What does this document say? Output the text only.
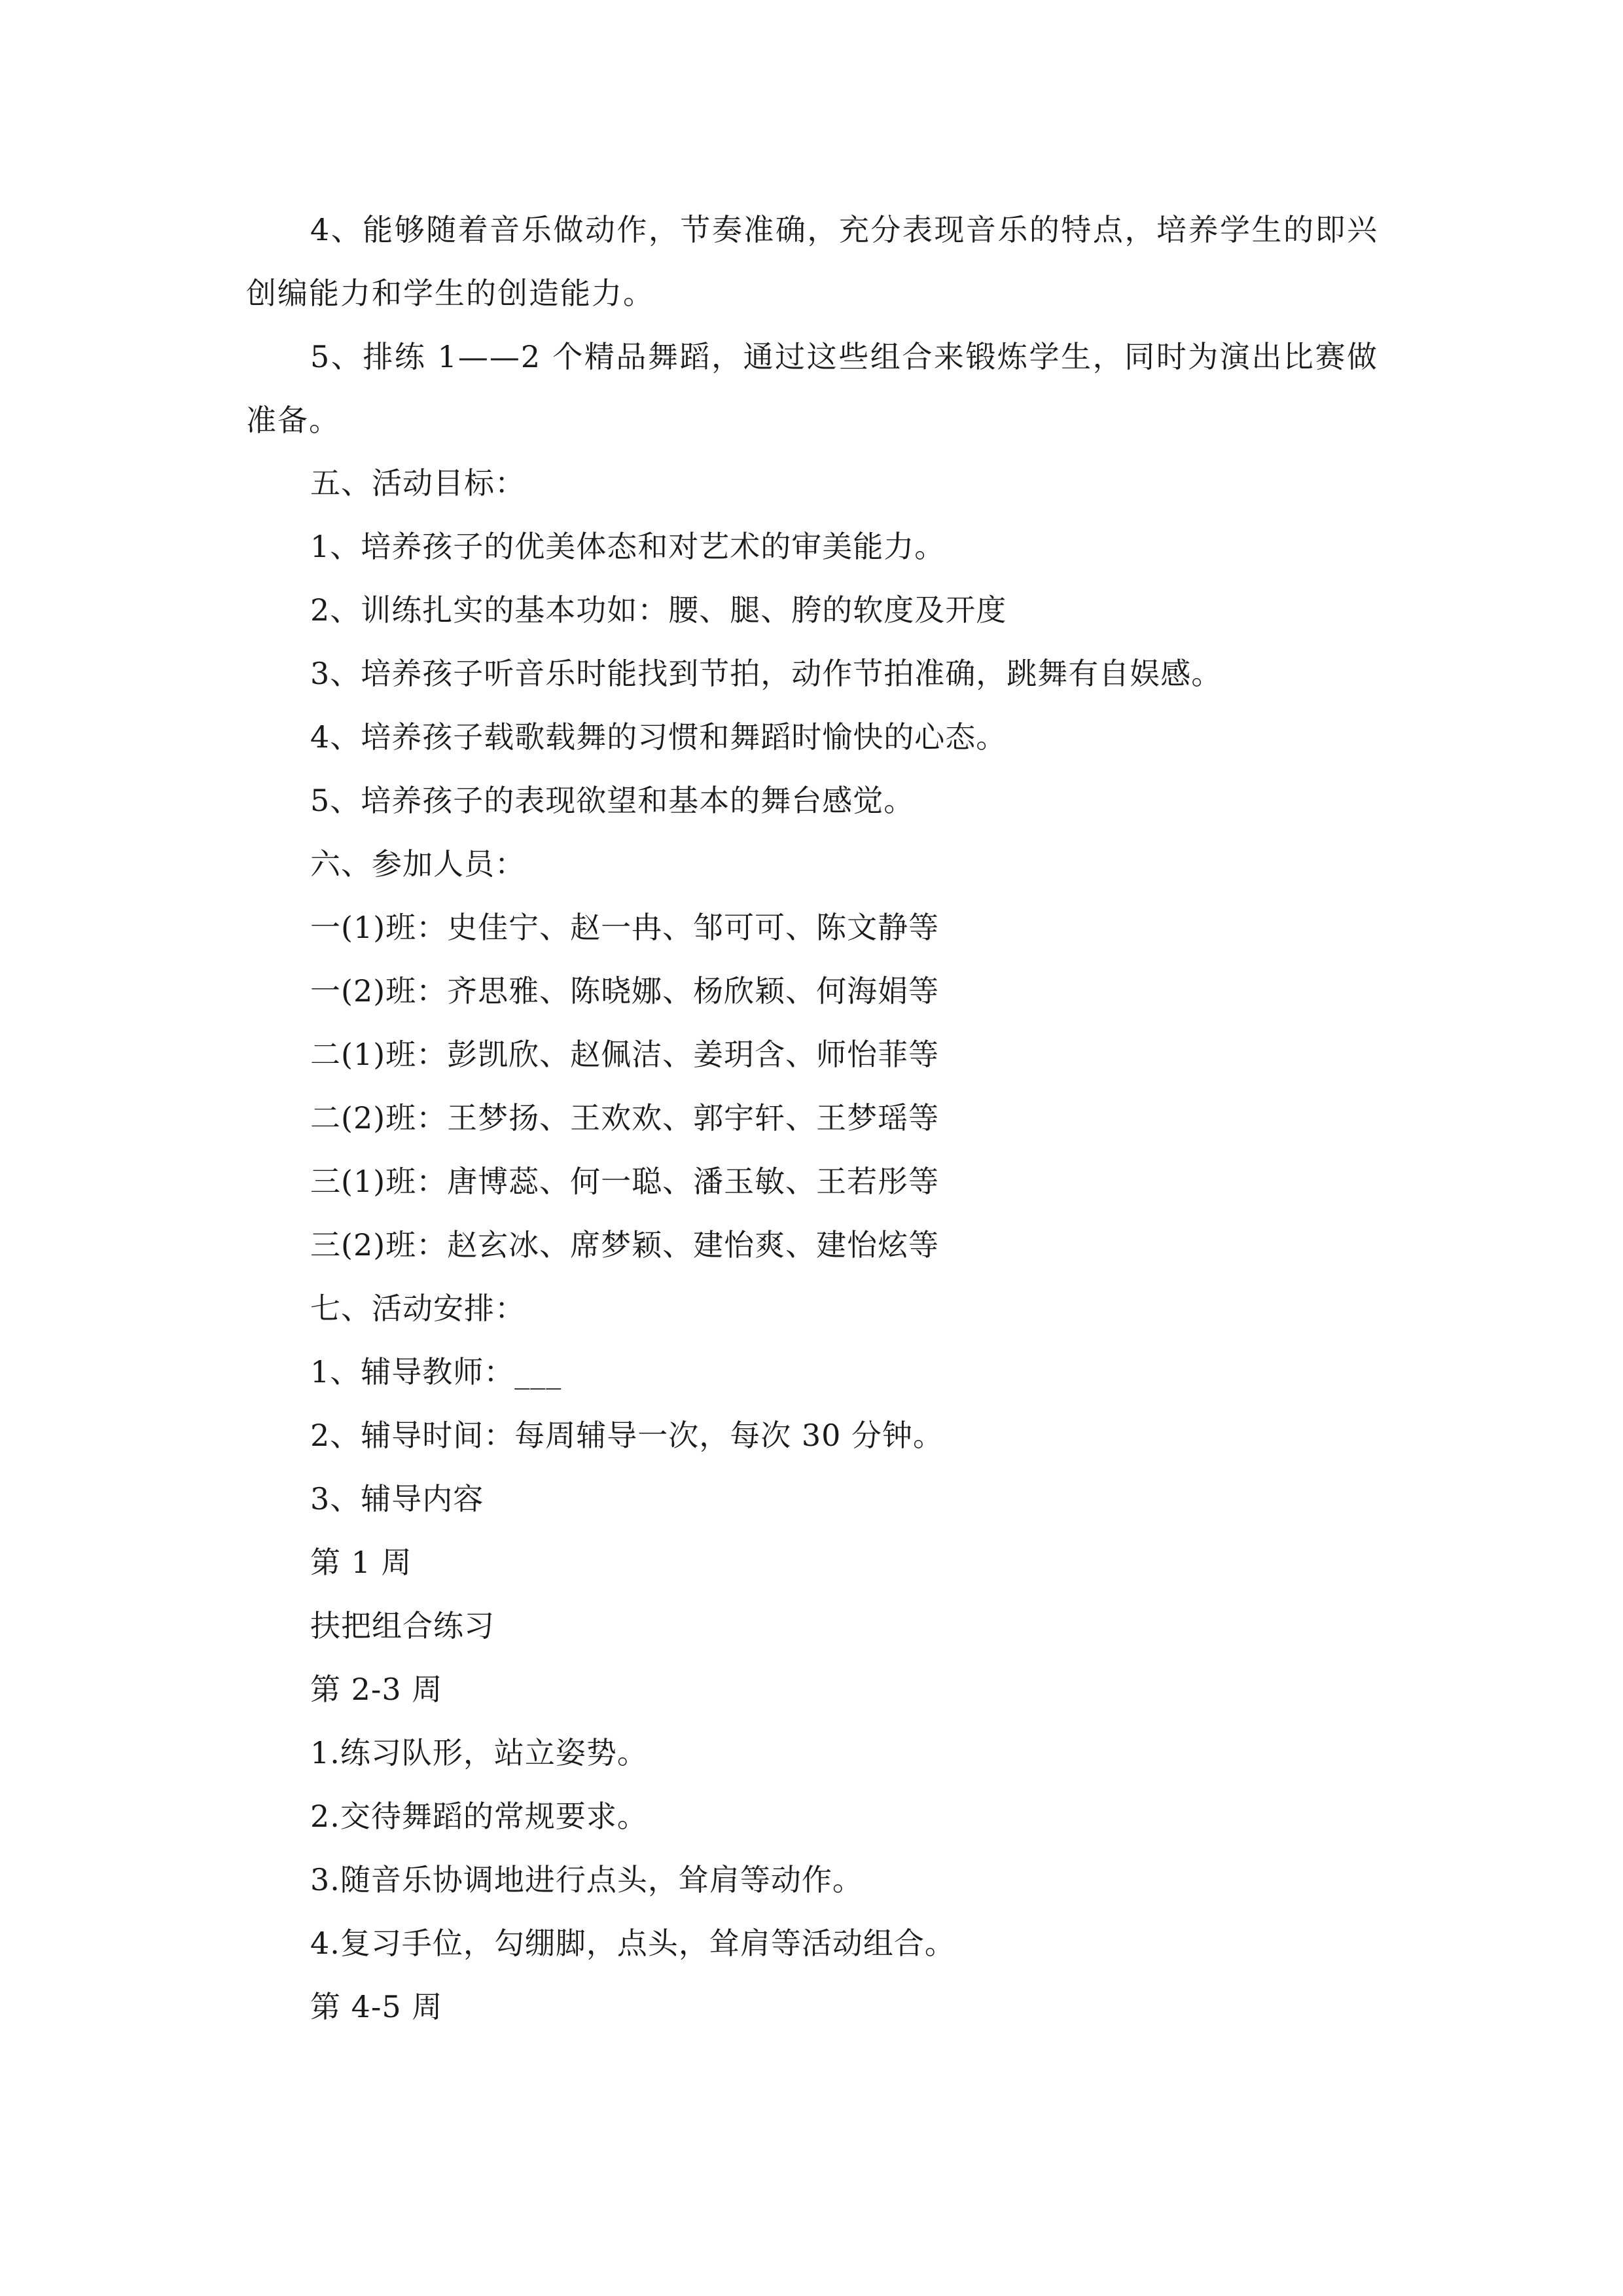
4、能够随着音乐做动作，节奏准确，充分表现音乐的特点，培养学生的即兴创编能力和学生的创造能力。
5、排练 1——2 个精品舞蹈，通过这些组合来锻炼学生，同时为演出比赛做准备。
五、活动目标：
1、培养孩子的优美体态和对艺术的审美能力。
2、训练扎实的基本功如：腰、腿、胯的软度及开度
3、培养孩子听音乐时能找到节拍，动作节拍准确，跳舞有自娱感。
4、培养孩子载歌载舞的习惯和舞蹈时愉快的心态。
5、培养孩子的表现欲望和基本的舞台感觉。
六、参加人员：
一(1)班：史佳宁、赵一冉、邹可可、陈文静等
一(2)班：齐思雅、陈晓娜、杨欣颖、何海娟等
二(1)班：彭凯欣、赵佩洁、姜玥含、师怡菲等
二(2)班：王梦扬、王欢欢、郭宇轩、王梦瑶等
三(1)班：唐博蕊、何一聪、潘玉敏、王若彤等
三(2)班：赵玄冰、席梦颖、建怡爽、建怡炫等
七、活动安排：
1、辅导教师：___
2、辅导时间：每周辅导一次，每次 30 分钟。
3、辅导内容
第 1 周
扶把组合练习
第 2-3 周
1.练习队形，站立姿势。
2.交待舞蹈的常规要求。
3.随音乐协调地进行点头，耸肩等动作。
4.复习手位，勾绷脚，点头，耸肩等活动组合。
第 4-5 周
